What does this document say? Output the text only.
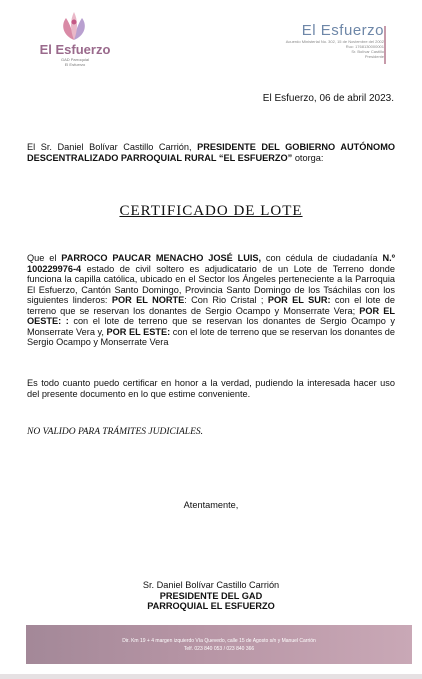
El Esfuerzo
GAD Parroquial
El Esfuerzo
El Esfuerzo
Acuerdo Ministerial No. 302, 15 de Noviembre del 2002
Ruc: 1768130000001
Sr. Bolívar Castillo
Presidente
El Esfuerzo, 06 de abril 2023.
El Sr. Daniel Bolívar Castillo Carrión, PRESIDENTE DEL GOBIERNO AUTÓNOMO DESCENTRALIZADO PARROQUIAL RURAL “EL ESFUERZO” otorga:
CERTIFICADO DE LOTE
Que el PARROCO PAUCAR MENACHO JOSÉ LUIS, con cédula de ciudadanía N.º 100229976-4 estado de civil soltero es adjudicatario de un Lote de Terreno donde funciona la capilla católica, ubicado en el Sector los Ángeles perteneciente a la Parroquia El Esfuerzo, Cantón Santo Domingo, Provincia Santo Domingo de los Tsáchilas con los siguientes linderos: POR EL NORTE: Con Rio Cristal ; POR EL SUR: con el lote de terreno que se reservan los donantes de Sergio Ocampo y Monserrate Vera; POR EL OESTE: : con el lote de terreno que se reservan los donantes de Sergio Ocampo y Monserrate Vera y, POR EL ESTE: con el lote de terreno que se reservan los donantes de Sergio Ocampo y Monserrate Vera
Es todo cuanto puedo certificar en honor a la verdad, pudiendo la interesada hacer uso del presente documento en lo que estime conveniente.
NO VALIDO PARA TRÁMITES JUDICIALES.
Atentamente,
Sr. Daniel Bolívar Castillo Carrión
PRESIDENTE DEL GAD
PARROQUIAL EL ESFUERZO
Dir. Km 19 + 4 margen izquierdo Vía Quevedo, calle 15 de Agosto s/n y Manuel Carrión
Telf. 023 840 053 / 023 840 366
